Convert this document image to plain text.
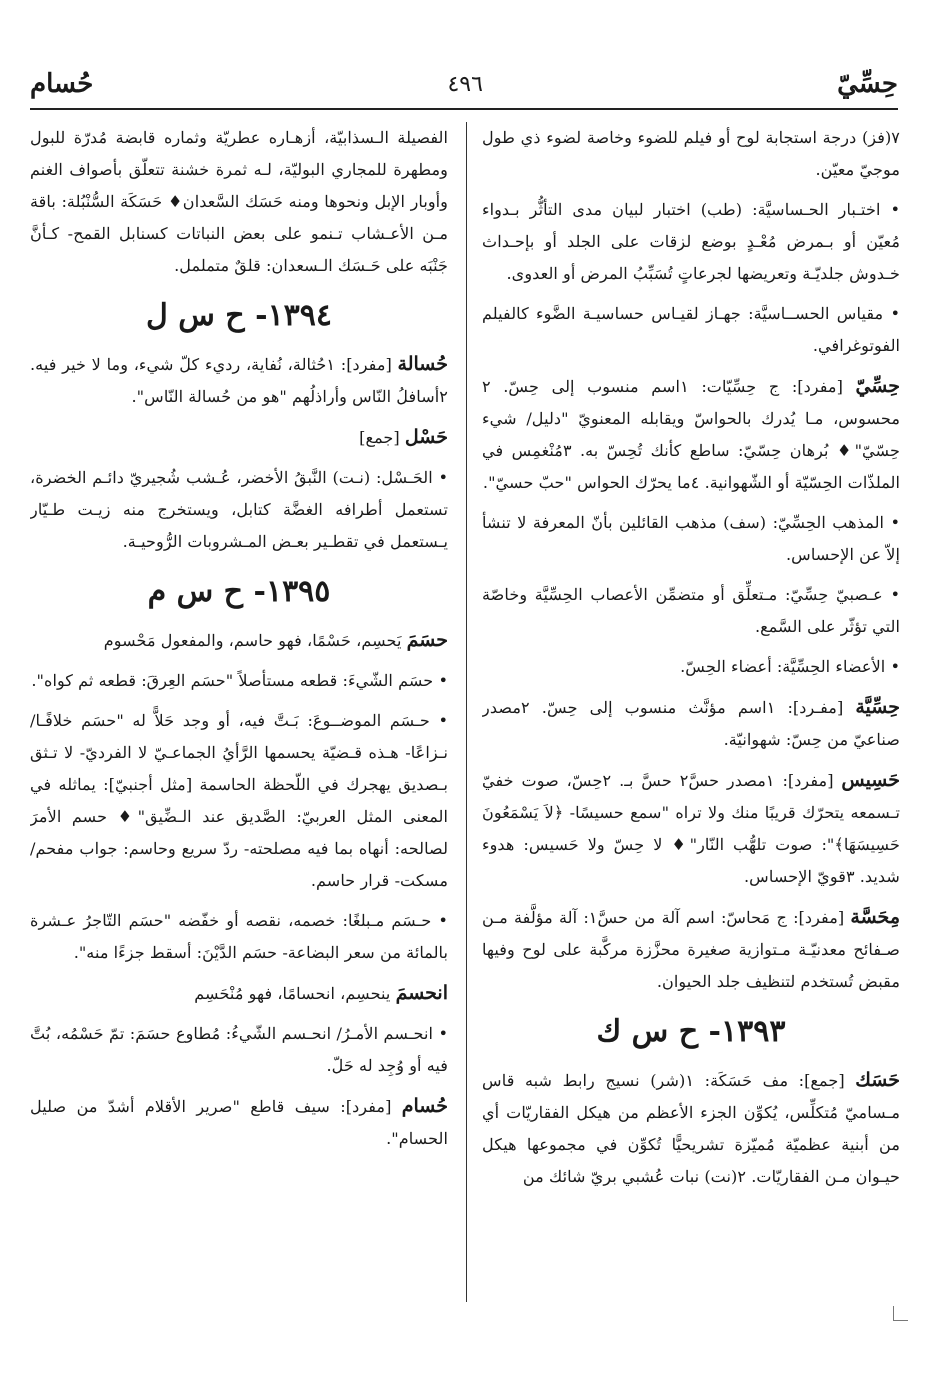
حِسِّيّ
٤٩٦
حُسام
٧(فز) درجة استجابة لوح أو فيلم للضوء وخاصة لضوء ذي طول موجيّ معيّن.
• اختـبار الحـساسيَّة: (طب) اختبار لبيان مدى التأثُّر بـدواء مُعيّن أو بـمرض مُعْـدٍ بوضع لزقات على الجلد أو بإحـداث خـدوش جلديّـة وتعريضها لجرعاتٍ تُسَبِّبُ المرض أو العدوى.
• مقياس الحســاسيَّة: جهـاز لقيـاس حساسيـة الضَّوء كالفيلم الفوتوغرافي.
حِسِّيّ [مفرد]: ج حِسِّيّات: ١اسم منسوب إلى حِسّ. ٢ محسوس، مـا يُدرك بالحواسّ ويقابله المعنويّ "دليل/ شيء حِسّيّ"♦ بُرهان حِسّيّ: ساطع كأنك تُحِسّ به. ٣مُنْغمِس في الملذّات الحِسّيّة أو الشّهوانية. ٤ما يحرّك الحواس "حبّ حسيّ".
• المذهب الحِسِّيّ: (سف) مذهب القائلين بأنّ المعرفة لا تنشأ إلاّ عن الإحساس.
• عـصبيّ حِسِّيّ: مـتعلِّق أو متضمِّن الأعصاب الحِسِّيَّة وخاصّة التي تؤثّر على السَّمع.
• الأعضاء الحِسِّيَّة: أعضاء الحِسّ.
حِسِّيَّة [مفـرد]: ١اسم مؤنَّث منسوب إلى حِسّ. ٢مصدر صناعيّ من حِسّ: شهوانيّة.
حَسِيس [مفرد]: ١مصدر حسَّ٢ حسَّ بـ. ٢حِسّ، صوت خفيّ تـسمعه يتحرّك قريبًا منك ولا تراه "سمع حسيسًا- ﴿لاَ يَسْمَعُونَ حَسِيسَهَا﴾": صوت تلهُّب النّار"♦ لا حِسّ ولا حَسيس: هدوء شديد. ٣قويّ الإحساس.
مِحَسَّة [مفرد]: ج مَحاسّ: اسم آلة من حسَّ١: آلة مؤلَّفة مـن صـفائح معدنيّـة مـتوازية صغيرة محزَّزة مركَّبة على لوح وفيها مقبض تُستخدم لتنظيف جلد الحيوان.
١٣٩٣- ح س ك
حَسَك [جمع]: مف حَسَكَة: ١(شر) نسيج رابط شبه قاس مـساميّ مُتكلِّس، يُكوِّن الجزء الأعظم من هيكل الفقاريّات أي من أبنية عظميّة مُميّزة تشريحيًّا تُكوِّن في مجموعها هيكل حيـوان مـن الفقاريّات. ٢(نت) نبات عُشبي بريّ شائك من
الفصيلة الـسذابيّة، أزهـاره عطريّة وثماره قابضة مُدرّة للبول ومطهرة للمجاري البوليّة، لـه ثمرة خشنة تتعلّق بأصواف الغنم وأوبار الإبل ونحوها ومنه حَسَك السَّعدان♦ حَسَكَة السُّنْبُلة: باقة مـن الأعـشاب تـنمو على بعض النباتات كسنابل القمح- كـأنَّ جَنْبَه على حَـسَك الـسعدان: قلقٌ متململ.
١٣٩٤- ح س ل
حُسالة [مفرد]: ١حُثالة، نُفاية، رديء كلّ شيء، وما لا خير فيه. ٢أسافلُ النّاس وأراذلُهم "هو من حُسالة النّاس".
حَسْل [جمع]
• الحَـسْل: (نـت) النَّبقُ الأخضر، عُـشب شُجيريّ دائـم الخضرة، تستعمل أطرافه الغضَّة كتابل، ويستخرج منه زيـت طـيّار يـستعمل في تقطـير بعـض المـشروبات الرُّوحيـة.
١٣٩٥- ح س م
حسَمَ يَحسِم، حَسْمًا، فهو حاسم، والمفعول مَحْسوم
• حسَم الشّيءَ: قطعه مستأصلاً "حسَم العِرقَ: قطعه ثم كواه".
• حـسَم الموضــوعَ: بَـتَّ فيه، أو وجد حَلاًّ له "حسَم خلافًـا/ نـزاعًا- هـذه قـضيّة يحسمها الرَّأيُ الجماعـيّ لا الفرديّ- لا تـثق بـصديق يهجرك في اللّحظة الحاسمة [مثل أجنبيّ]: يماثله في المعنى المثل العربيّ: الصَّديق عند الـضِّيق"♦ حسم الأمرَ لصالحه: أنهاه بما فيه مصلحته- ردّ سريع وحاسم: جواب مفحم/ مسكت- قرار حاسم.
• حـسَم مـبلغًا: خصمه، نقصه أو خفّضه "حسَم التّاجرُ عـشرة بالمائة من سعر البضاعة- حسَم الدَّيْنَ: أسقط جزءًا منه".
انحسمَ ينحسِم، انحسامًا، فهو مُنْحَسِم
• انحـسم الأمـرُ/ انحـسم الشّيءُ: مُطاوع حسَمَ: تمّ حَسْمُه، بُتَّ فيه أو وُجِد له حَلّ.
حُسام [مفرد]: سيف قاطع "صرير الأقلام أشدّ من صليل الحسام".
